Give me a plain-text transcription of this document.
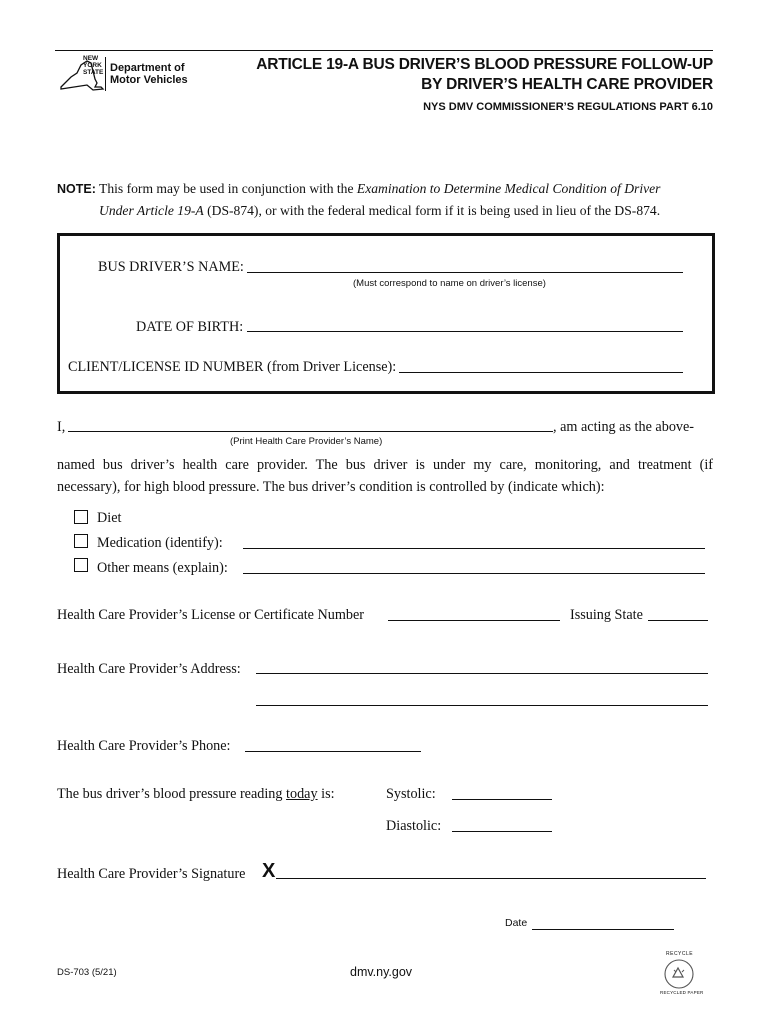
NEW
YORK
STATE Department of
Motor Vehicles
ARTICLE 19-A BUS DRIVER’S BLOOD PRESSURE FOLLOW-UP
BY DRIVER’S HEALTH CARE PROVIDER
NYS DMV COMMISSIONER’S REGULATIONS PART 6.10
NOTE: This form may be used in conjunction with the Examination to Determine Medical Condition of Driver
Under Article 19-A (DS-874), or with the federal medical form if it is being used in lieu of the DS-874.
BUS DRIVER’S NAME:
(Must correspond to name on driver’s license)
DATE OF BIRTH:
CLIENT/LICENSE ID NUMBER (from Driver License):
I,	, am acting as the above-
(Print Health Care Provider’s Name)
named bus driver’s health care provider. The bus driver is under my care, monitoring, and treatment (if
necessary), for high blood pressure. The bus driver’s condition is controlled by (indicate which):
Diet
Medication (identify):
Other means (explain):
Health Care Provider’s License or Certificate Number	Issuing State
Health Care Provider’s Address:
Health Care Provider’s Phone:
The bus driver’s blood pressure reading today is:	Systolic:
Diastolic:
Health Care Provider’s Signature X
Date
DS-703 (5/21)	dmv.ny.gov
RECYCLE
RECYCLED PAPER
